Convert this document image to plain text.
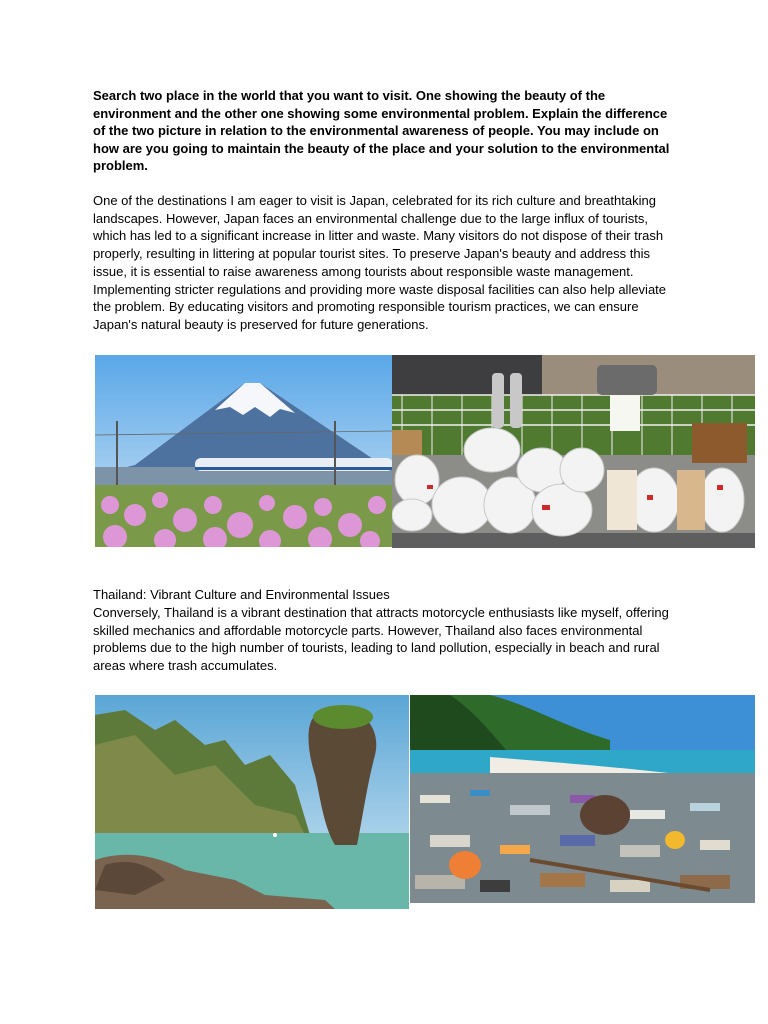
Search two place in the world that you want to visit. One showing the beauty of the environment and the other one showing some environmental problem. Explain the difference of the two picture in relation to the environmental awareness of people. You may include on how are you going to maintain the beauty of the place and your solution to the environmental problem.

One of the destinations I am eager to visit is Japan, celebrated for its rich culture and breathtaking landscapes. However, Japan faces an environmental challenge due to the large influx of tourists, which has led to a significant increase in litter and waste. Many visitors do not dispose of their trash properly, resulting in littering at popular tourist sites. To preserve Japan's beauty and address this issue, it is essential to raise awareness among tourists about responsible waste management. Implementing stricter regulations and providing more waste disposal facilities can also help alleviate the problem. By educating visitors and promoting responsible tourism practices, we can ensure Japan's natural beauty is preserved for future generations.

Thailand: Vibrant Culture and Environmental Issues

Conversely, Thailand is a vibrant destination that attracts motorcycle enthusiasts like myself, offering skilled mechanics and affordable motorcycle parts. However, Thailand also faces environmental problems due to the high number of tourists, leading to land pollution, especially in beach and rural areas where trash accumulates.
